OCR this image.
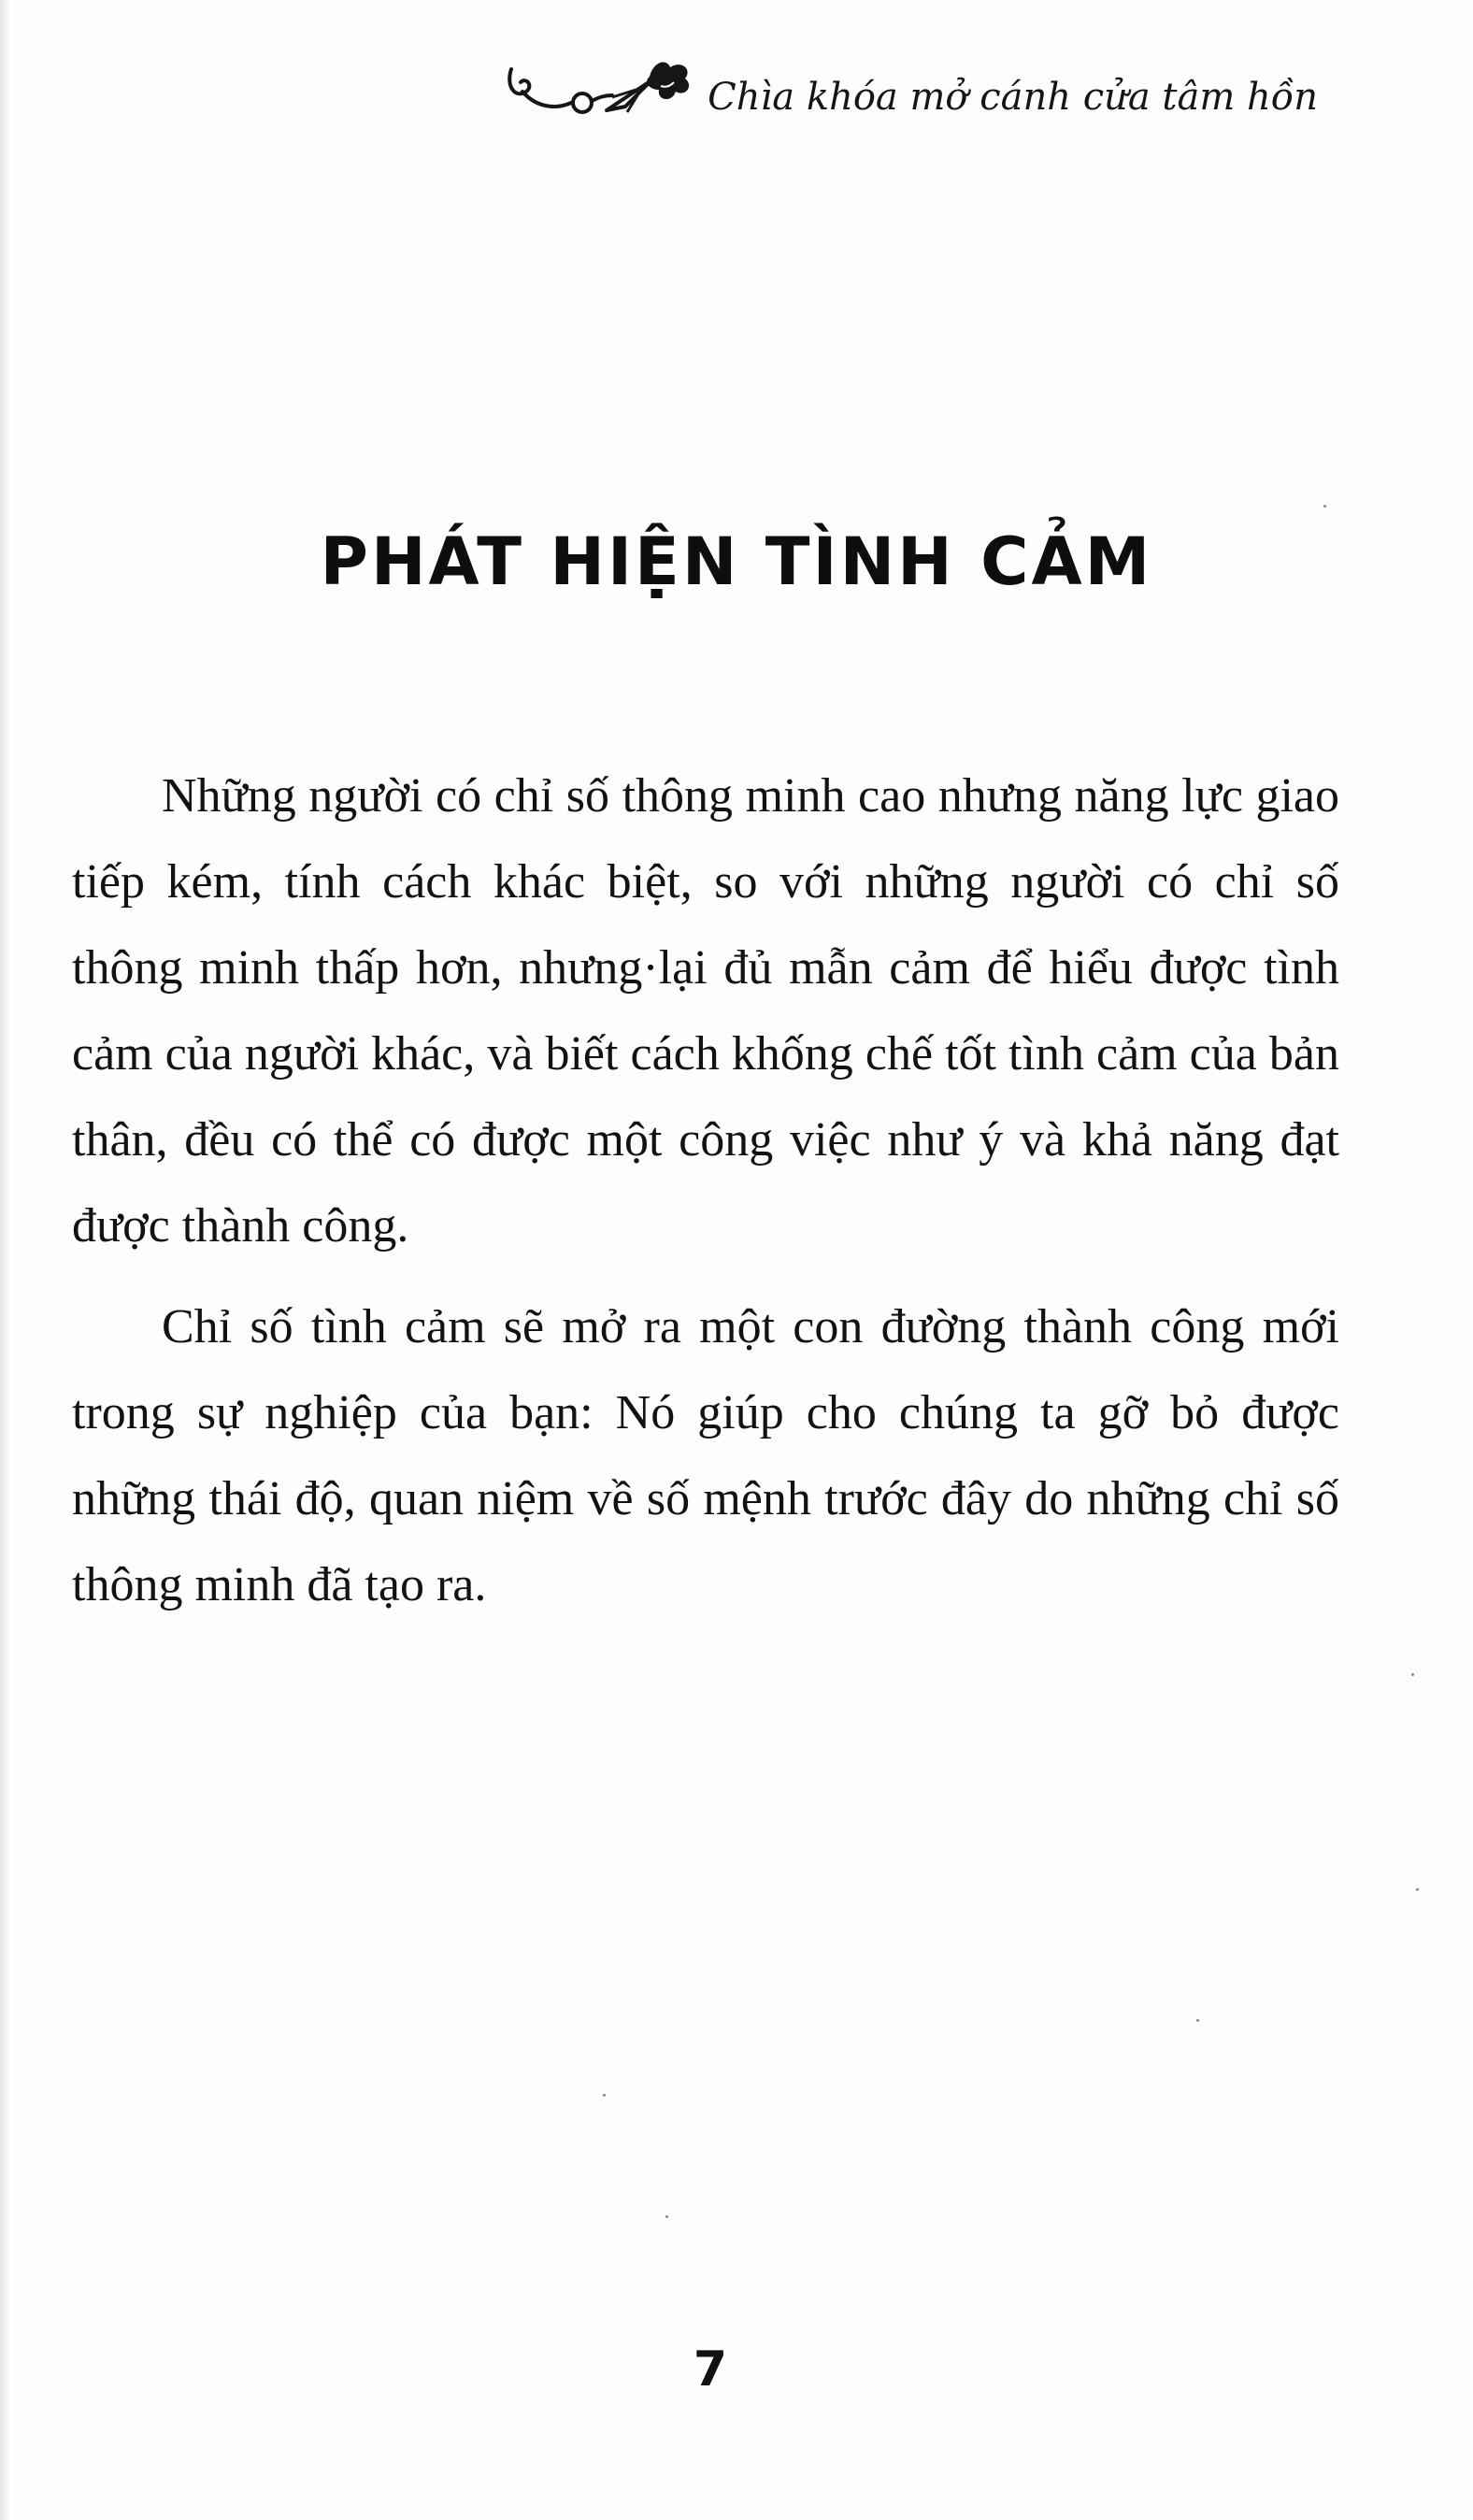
Chìa khóa mở cánh cửa tâm hồn
PHÁT HIỆN TÌNH CẢM

Những người có chỉ số thông minh cao nhưng năng lực giao tiếp kém, tính cách khác biệt, so với những người có chỉ số thông minh thấp hơn, nhưng·lại đủ mẫn cảm để hiểu được tình cảm của người khác, và biết cách khống chế tốt tình cảm của bản thân, đều có thể có được một công việc như ý và khả năng đạt được thành công.

Chỉ số tình cảm sẽ mở ra một con đường thành công mới trong sự nghiệp của bạn: Nó giúp cho chúng ta gỡ bỏ được những thái độ, quan niệm về số mệnh trước đây do những chỉ số thông minh đã tạo ra.

7
